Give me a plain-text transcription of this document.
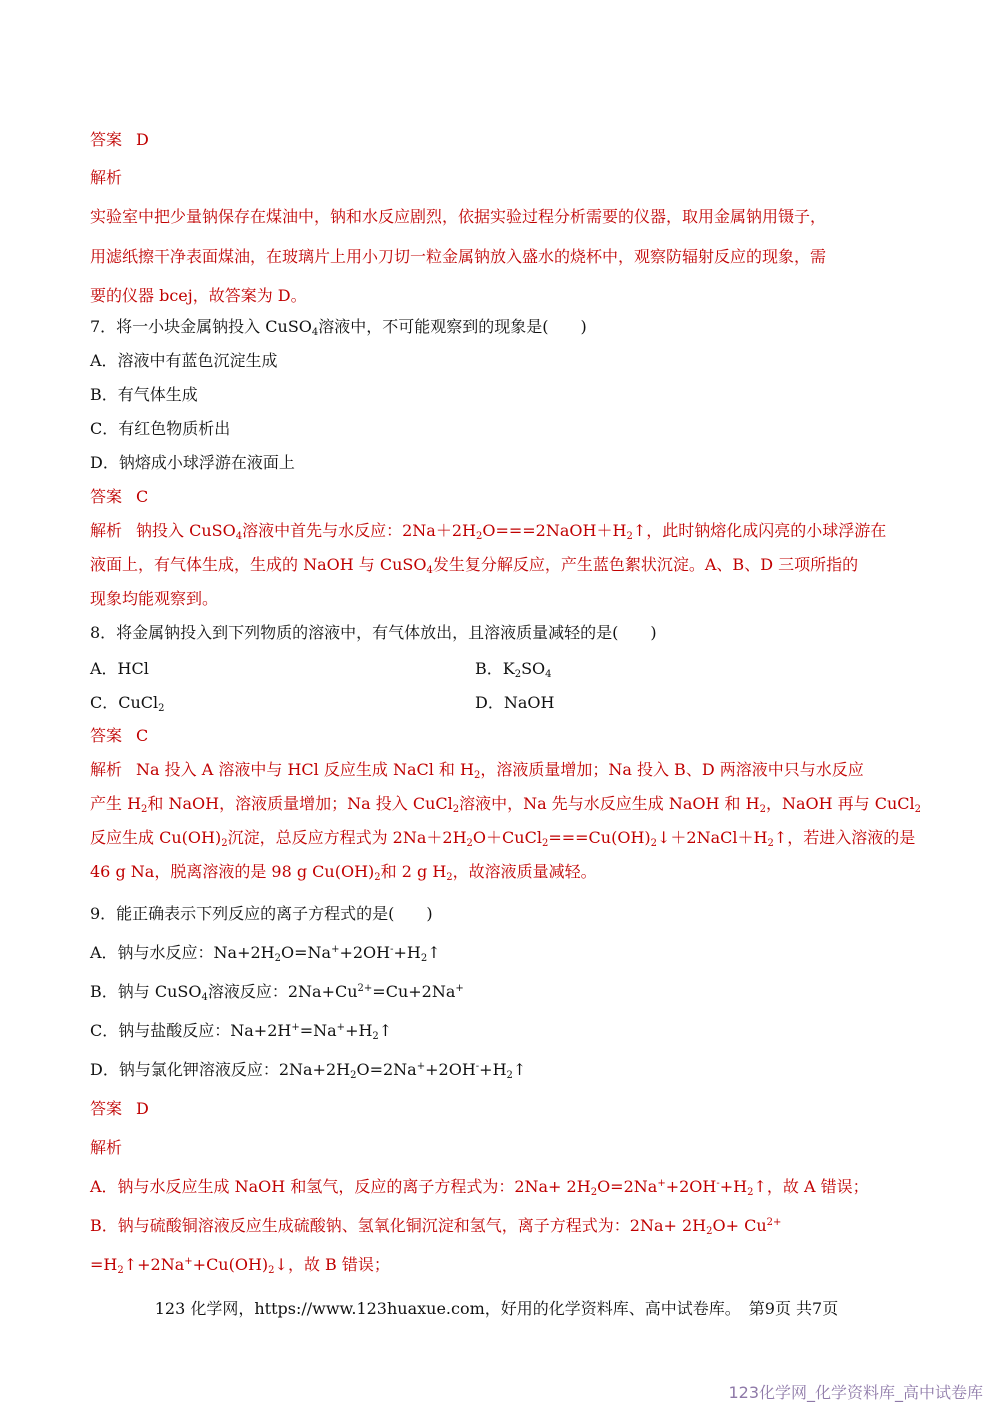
答案 D
解析
实验室中把少量钠保存在煤油中，钠和水反应剧烈，依据实验过程分析需要的仪器，取用金属钠用镊子，
用滤纸擦干净表面煤油，在玻璃片上用小刀切一粒金属钠放入盛水的烧杯中，观察防辐射反应的现象，需
要的仪器 bcej，故答案为 D。
7．将一小块金属钠投入 CuSO$_4$溶液中，不可能观察到的现象是(　　)
A．溶液中有蓝色沉淀生成
B．有气体生成
C．有红色物质析出
D．钠熔成小球浮游在液面上
答案 C
解析 钠投入 CuSO$_4$溶液中首先与水反应：$2Na+2H_2O===2NaOH+H_2↑$，此时钠熔化成闪亮的小球浮游在
液面上，有气体生成，生成的 NaOH 与 CuSO$_4$发生复分解反应，产生蓝色絮状沉淀。A、B、D 三项所指的
现象均能观察到。
8．将金属钠投入到下列物质的溶液中，有气体放出，且溶液质量减轻的是(　　)
A．HCl	B．$K_2SO_4$
C．CuCl$_2$	D．NaOH
答案 C
解析 Na 投入 A 溶液中与 HCl 反应生成 NaCl 和 $H_2$，溶液质量增加；Na 投入 B、D 两溶液中只与水反应
产生 $H_2$和 NaOH，溶液质量增加；Na 投入 CuCl$_2$溶液中，Na 先与水反应生成 NaOH 和 $H_2$，NaOH 再与 CuCl$_2$
反应生成 $Cu(OH)_2$沉淀，总反应方程式为 $2Na+2H_2O+CuCl_2===Cu(OH)_2↓+2NaCl+H_2↑$，若进入溶液的是
46 g Na，脱离溶液的是 98 g $Cu(OH)_2$和 2 g $H_2$，故溶液质量减轻。
9．能正确表示下列反应的离子方程式的是(　　)
A．钠与水反应：$Na+2H_2O=Na^++2OH^-+H_2↑$
B．钠与 CuSO$_4$溶液反应：$2Na+Cu^{2+}=Cu+2Na^+$
C．钠与盐酸反应：$Na+2H^+=Na^++H_2↑$
D．钠与氯化钾溶液反应：$2Na+2H_2O=2Na^++2OH^-+H_2↑$
答案 D
解析
A．钠与水反应生成 NaOH 和氢气，反应的离子方程式为：$2Na+ 2H_2O=2Na^++2OH^-+H_2↑$，故 A 错误；
B．钠与硫酸铜溶液反应生成硫酸钠、氢氧化铜沉淀和氢气，离子方程式为：$2Na+ 2H_2O+ Cu^{2+}$
$=H_2↑+2Na^++Cu(OH)_2↓$，故 B 错误；
123 化学网，https://www.123huaxue.com，好用的化学资料库、高中试卷库。 第9页 共7页
123化学网_化学资料库_高中试卷库
